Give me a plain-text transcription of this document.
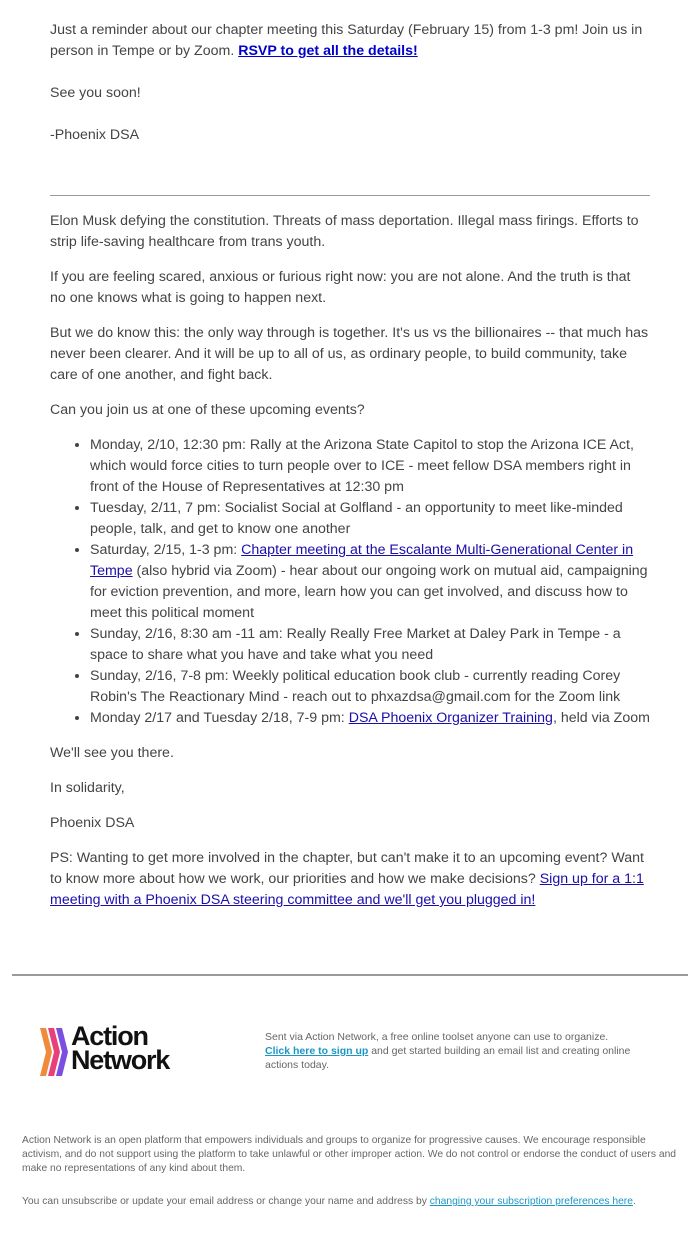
Just a reminder about our chapter meeting this Saturday (February 15) from 1-3 pm! Join us in person in Tempe or by Zoom. RSVP to get all the details!

See you soon!

-Phoenix DSA

Elon Musk defying the constitution. Threats of mass deportation. Illegal mass firings. Efforts to strip life-saving healthcare from trans youth.

If you are feeling scared, anxious or furious right now: you are not alone. And the truth is that no one knows what is going to happen next.

But we do know this: the only way through is together. It's us vs the billionaires -- that much has never been clearer. And it will be up to all of us, as ordinary people, to build community, take care of one another, and fight back.

Can you join us at one of these upcoming events?

• Monday, 2/10, 12:30 pm: Rally at the Arizona State Capitol to stop the Arizona ICE Act, which would force cities to turn people over to ICE - meet fellow DSA members right in front of the House of Representatives at 12:30 pm
• Tuesday, 2/11, 7 pm: Socialist Social at Golfland - an opportunity to meet like-minded people, talk, and get to know one another
• Saturday, 2/15, 1-3 pm: Chapter meeting at the Escalante Multi-Generational Center in Tempe (also hybrid via Zoom) - hear about our ongoing work on mutual aid, campaigning for eviction prevention, and more, learn how you can get involved, and discuss how to meet this political moment
• Sunday, 2/16, 8:30 am -11 am: Really Really Free Market at Daley Park in Tempe - a space to share what you have and take what you need
• Sunday, 2/16, 7-8 pm: Weekly political education book club - currently reading Corey Robin's The Reactionary Mind - reach out to phxazdsa@gmail.com for the Zoom link
• Monday 2/17 and Tuesday 2/18, 7-9 pm: DSA Phoenix Organizer Training, held via Zoom

We'll see you there.

In solidarity,

Phoenix DSA

PS: Wanting to get more involved in the chapter, but can't make it to an upcoming event? Want to know more about how we work, our priorities and how we make decisions? Sign up for a 1:1 meeting with a Phoenix DSA steering committee and we'll get you plugged in!

Action
Network
Sent via Action Network, a free online toolset anyone can use to organize.
Click here to sign up and get started building an email list and creating online actions today.
Action Network is an open platform that empowers individuals and groups to organize for progressive causes. We encourage responsible activism, and do not support using the platform to take unlawful or other improper action. We do not control or endorse the conduct of users and make no representations of any kind about them.
You can unsubscribe or update your email address or change your name and address by changing your subscription preferences here.
